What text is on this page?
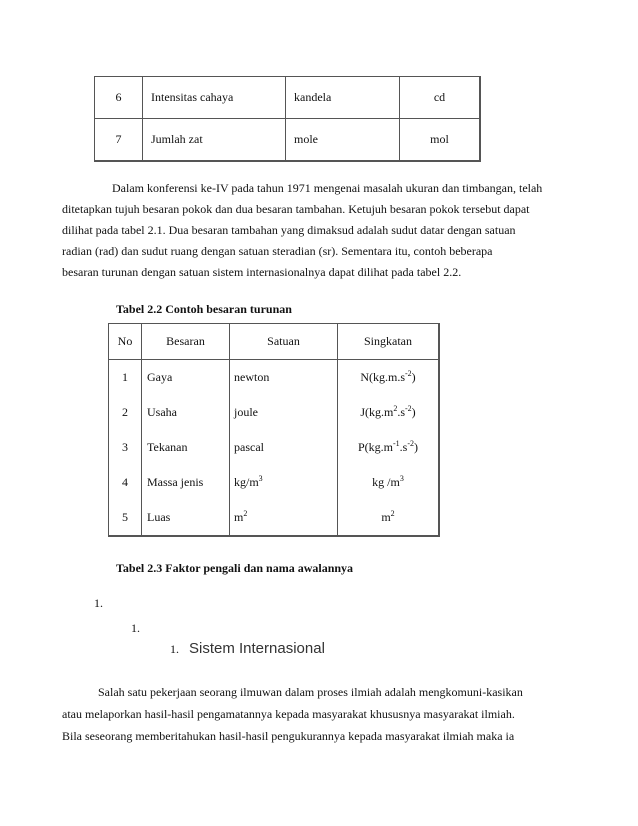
6	Intensitas cahaya	kandela	cd
7	Jumlah zat	mole	mol

Dalam konferensi ke-IV pada tahun 1971 mengenai masalah ukuran dan timbangan, telah

ditetapkan tujuh besaran pokok dan dua besaran tambahan. Ketujuh besaran pokok tersebut dapat

dilihat pada tabel 2.1. Dua besaran tambahan yang dimaksud adalah sudut datar dengan satuan

radian (rad) dan sudut ruang dengan satuan steradian (sr). Sementara itu, contoh beberapa

besaran turunan dengan satuan sistem internasionalnya dapat dilihat pada tabel 2.2.

Tabel 2.2 Contoh besaran turunan
No	Besaran	Satuan	Singkatan
1	Gaya	newton	$N(kg.m.s^{-2})$
2	Usaha	joule	$J(kg.m^2.s^{-2})$
3	Tekanan	pascal	$P(kg.m^{-1}.s^{-2})$
4	Massa jenis	$kg/m^3$	kg $/m^3$
5	Luas	$m^2$	$m^2$
Tabel 2.3 Faktor pengali dan nama awalannya
1.
1.
1. Sistem Internasional

Salah satu pekerjaan seorang ilmuwan dalam proses ilmiah adalah mengkomuni-kasikan

atau melaporkan hasil-hasil pengamatannya kepada masyarakat khususnya masyarakat ilmiah.

Bila seseorang memberitahukan hasil-hasil pengukurannya kepada masyarakat ilmiah maka ia
